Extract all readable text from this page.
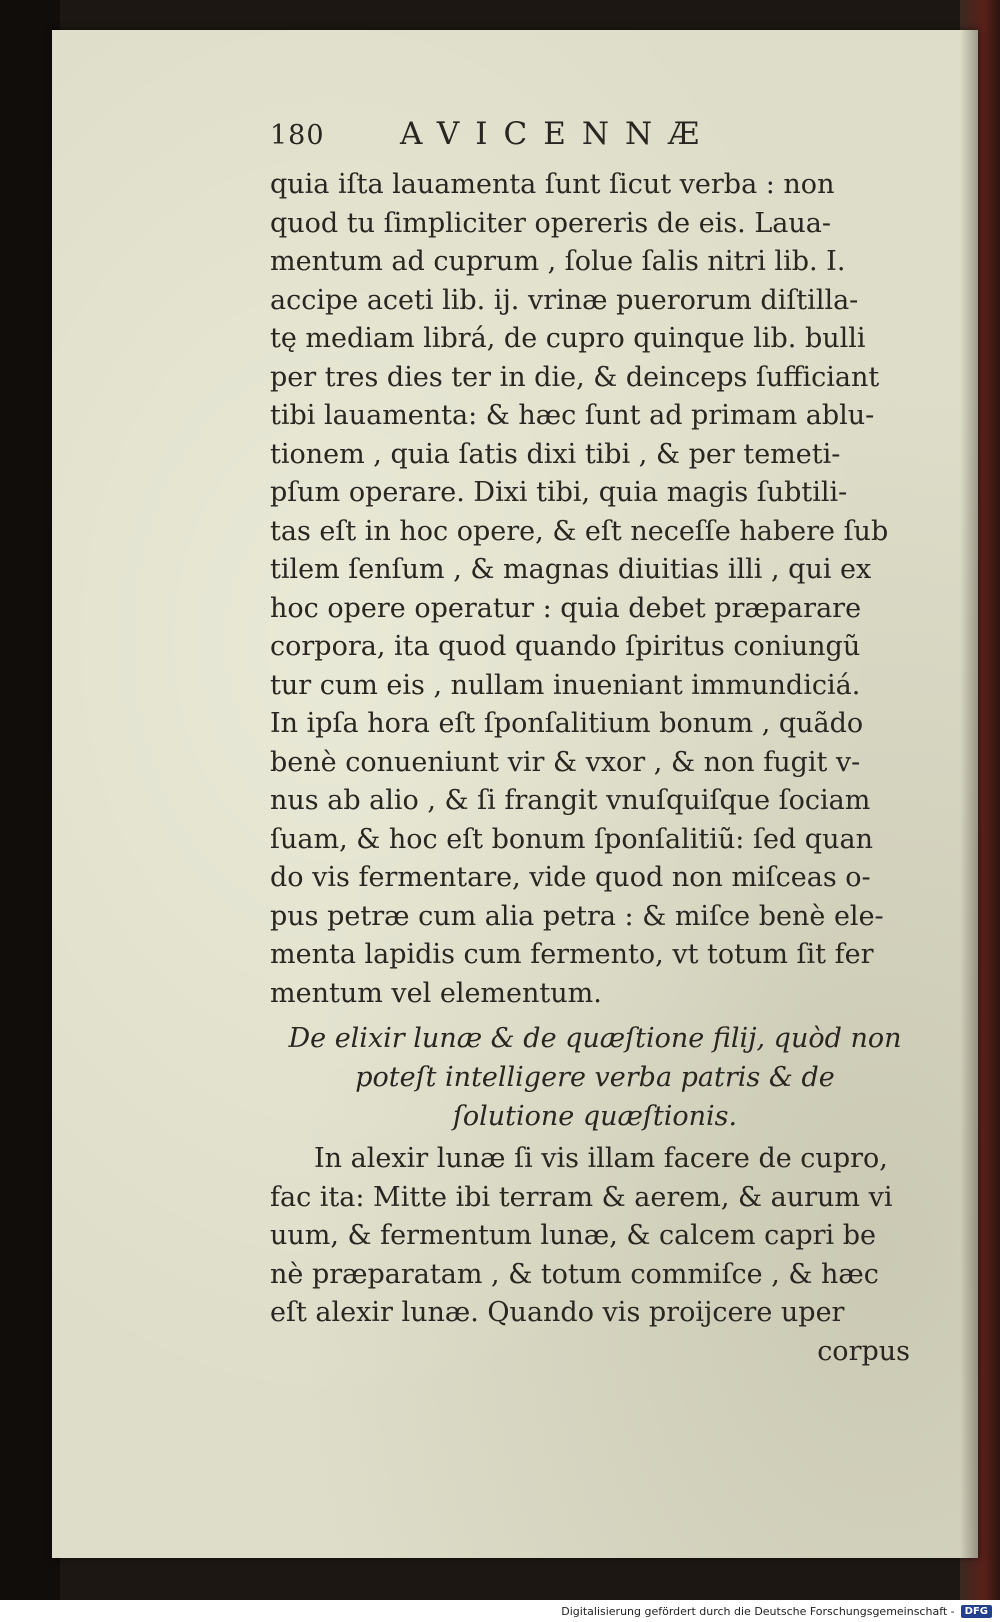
180	AVICENNÆ
quia iſta lauamenta ſunt ſicut verba : non
quod tu ſimpliciter opereris de eis. Laua-
mentum ad cuprum , ſolue ſalis nitri lib. I.
accipe aceti lib. ij. vrinæ puerorum diſtilla-
tę mediam librá, de cupro quinque lib. bulli
per tres dies ter in die, & deinceps ſufficiant
tibi lauamenta: & hæc ſunt ad primam ablu-
tionem , quia ſatis dixi tibi , & per temeti-
pſum operare. Dixi tibi, quia magis ſubtili-
tas eſt in hoc opere, & eſt neceſſe habere ſub
tilem ſenſum , & magnas diuitias illi , qui ex
hoc opere operatur : quia debet præparare
corpora, ita quod quando ſpiritus coniungũ
tur cum eis , nullam inueniant immundiciá.
In ipſa hora eſt ſponſalitium bonum , quãdo
benè conueniunt vir & vxor , & non fugit v-
nus ab alio , & ſi frangit vnuſquiſque ſociam
ſuam, & hoc eſt bonum ſponſalitiũ: ſed quan
do vis fermentare, vide quod non miſceas o-
pus petræ cum alia petra : & miſce benè ele-
menta lapidis cum fermento, vt totum ſit fer
mentum vel elementum.
De elixir lunæ & de quæſtione filij, quòd non
poteſt intelligere verba patris & de
ſolutione quæſtionis.
In alexir lunæ ſi vis illam facere de cupro,
fac ita: Mitte ibi terram & aerem, & aurum vi
uum, & fermentum lunæ, & calcem capri be
nè præparatam , & totum commiſce , & hæc
eſt alexir lunæ. Quando vis proijcere uper
corpus
Digitalisierung gefördert durch die Deutsche Forschungsgemeinschaft -	DFG
